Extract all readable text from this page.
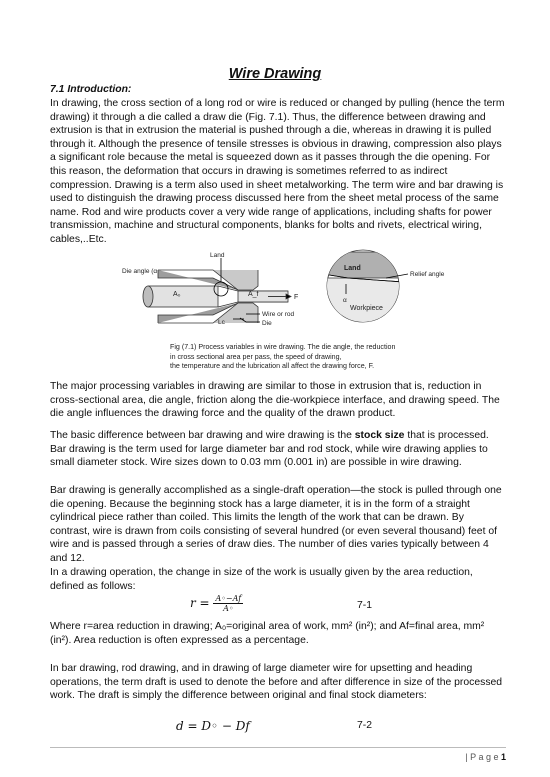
Wire Drawing
7.1 Introduction:

In drawing, the cross section of a long rod or wire is reduced or changed by pulling (hence the term drawing) it through a die called a draw die (Fig. 7.1). Thus, the difference between drawing and extrusion is that in extrusion the material is pushed through a die, whereas in drawing it is pulled through it. Although the presence of tensile stresses is obvious in drawing, compression also plays a significant role because the metal is squeezed down as it passes through the die opening. For this reason, the deformation that occurs in drawing is sometimes referred to as indirect compression. Drawing is a term also used in sheet metalworking. The term wire and bar drawing is used to distinguish the drawing process discussed here from the sheet metal process of the same name. Rod and wire products cover a very wide range of applications, including shafts for power transmission, machine and structural components, blanks for bolts and rivets, electrical wiring, cables,..Etc.

Land
Die angle (α
A₀	A_f	F
Wire or rod
Die
Lc
Land
Relief angle
α
Workpiece
Fig (7.1) Process variables in wire drawing. The die angle, the reduction
in cross sectional area per pass, the speed of drawing,
the temperature and the lubrication all affect the drawing force, F.

The major processing variables in drawing are similar to those in extrusion that is, reduction in cross-sectional area, die angle, friction along the die-workpiece interface, and drawing speed. The die angle influences the drawing force and the quality of the drawn product.

The basic difference between bar drawing and wire drawing is the stock size that is processed. Bar drawing is the term used for large diameter bar and rod stock, while wire drawing applies to small diameter stock. Wire sizes down to 0.03 mm (0.001 in) are possible in wire drawing.

Bar drawing is generally accomplished as a single-draft operation—the stock is pulled through one die opening. Because the beginning stock has a large diameter, it is in the form of a straight cylindrical piece rather than coiled. This limits the length of the work that can be drawn. By contrast, wire is drawn from coils consisting of several hundred (or even several thousand) feet of wire and is passed through a series of draw dies. The number of dies varies typically between 4 and 12.

In a drawing operation, the change in size of the work is usually given by the area reduction, defined as follows:

$r = \frac{A◦-Af}{A◦}$	7-1

Where r=area reduction in drawing; A₀=original area of work, mm² (in²); and Af=final area, mm² (in²). Area reduction is often expressed as a percentage.

In bar drawing, rod drawing, and in drawing of large diameter wire for upsetting and heading operations, the term draft is used to denote the before and after difference in size of the processed work. The draft is simply the difference between original and final stock diameters:

d = D◦ − Df	7-2
| P a g e 1
